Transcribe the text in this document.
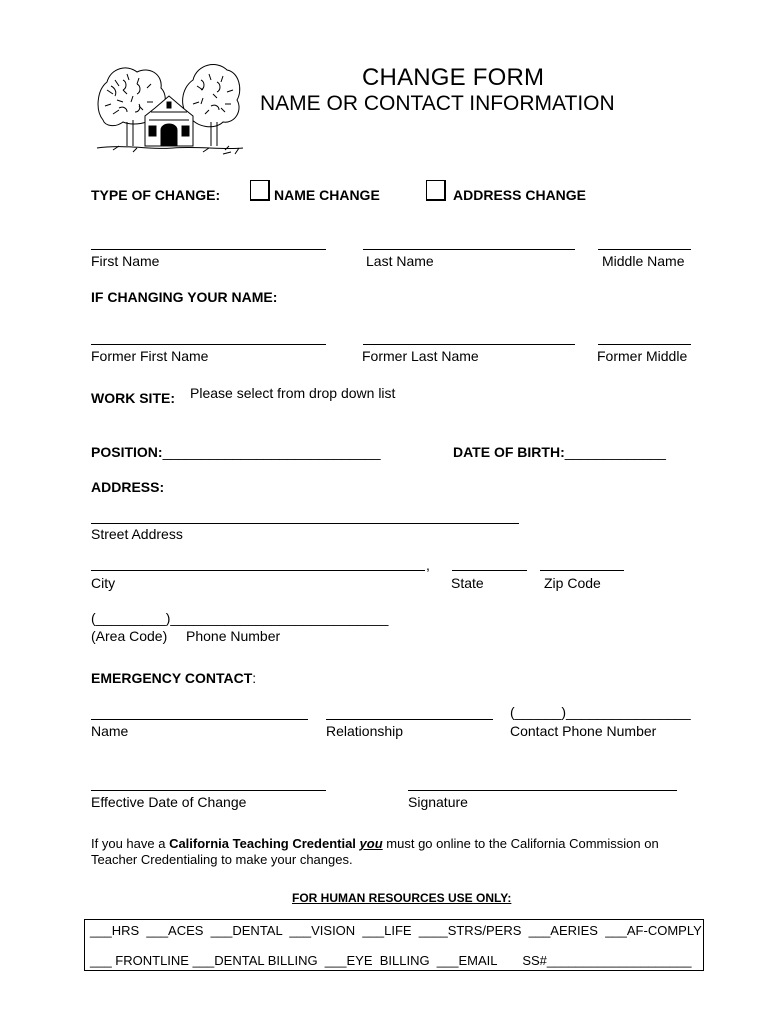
CHANGE FORM
NAME OR CONTACT INFORMATION
TYPE OF CHANGE:	NAME CHANGE	ADDRESS CHANGE
First Name	Last Name	Middle Name
IF CHANGING YOUR NAME:
Former First Name	Former Last Name	Former Middle
WORK SITE: Please select from drop down list
POSITION:____________________________	DATE OF BIRTH:_____________
ADDRESS:
Street Address
,
City	State	Zip Code
(_________)____________________________
(Area Code) Phone Number
EMERGENCY CONTACT:
(______)________________
Name	Relationship	Contact Phone Number
Effective Date of Change	Signature
If you have a California Teaching Credential you must go online to the California Commission on
Teacher Credentialing to make your changes.
FOR HUMAN RESOURCES USE ONLY:
___HRS  ___ACES  ___DENTAL  ___VISION  ___LIFE  ____STRS/PERS  ___AERIES  ___AF-COMPLY
___ FRONTLINE ___DENTAL BILLING  ___EYE  BILLING  ___EMAIL       SS#____________________
